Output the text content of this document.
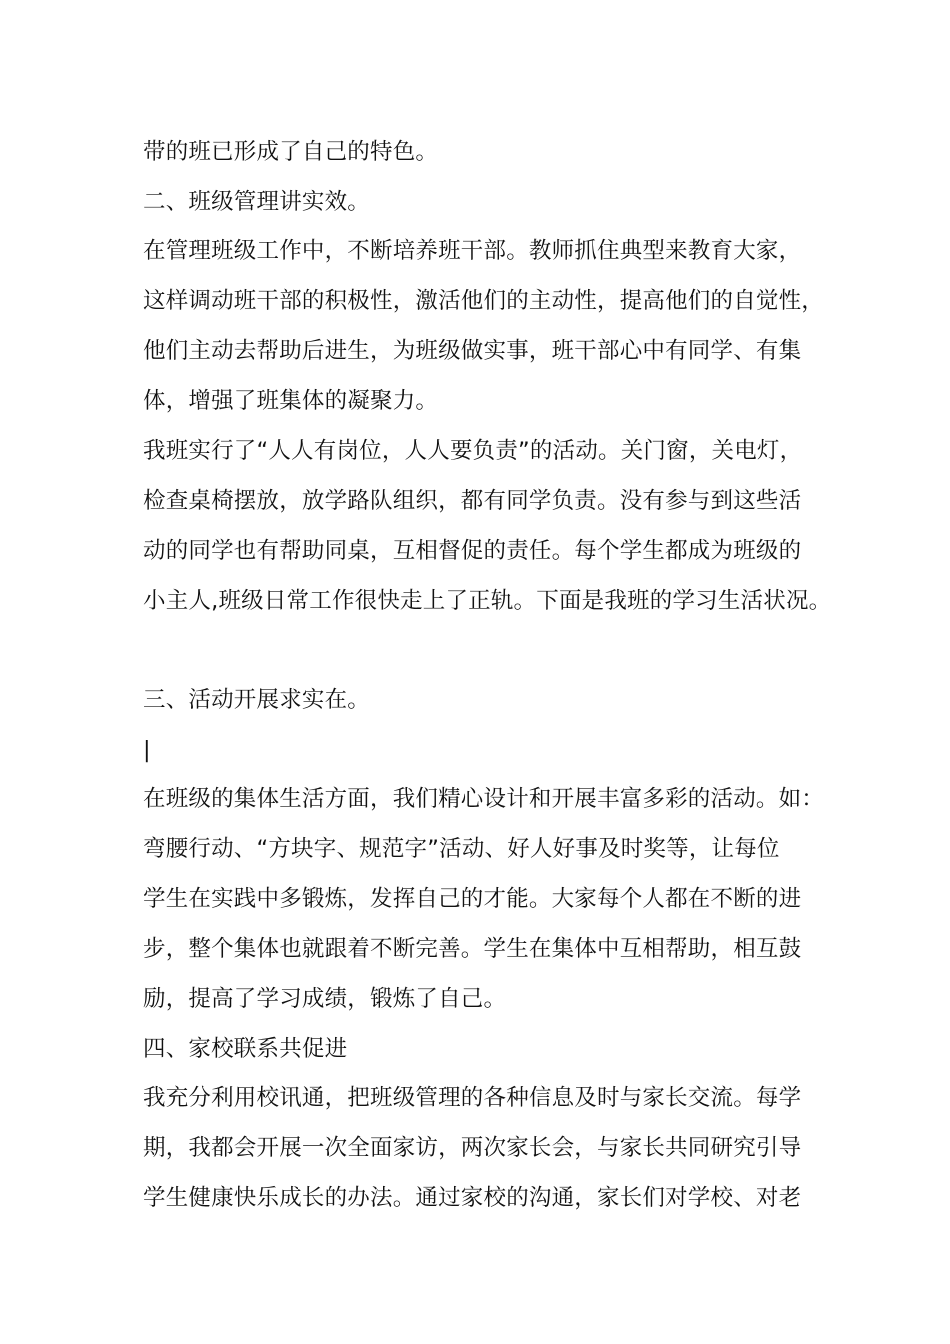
带的班已形成了自己的特色。
二、班级管理讲实效。
在管理班级工作中，不断培养班干部。教师抓住典型来教育大家，
这样调动班干部的积极性，激活他们的主动性，提高他们的自觉性，
他们主动去帮助后进生，为班级做实事，班干部心中有同学、有集
体，增强了班集体的凝聚力。
我班实行了“人人有岗位，人人要负责”的活动。关门窗，关电灯，
检查桌椅摆放，放学路队组织，都有同学负责。没有参与到这些活
动的同学也有帮助同桌，互相督促的责任。每个学生都成为班级的
小主人,班级日常工作很快走上了正轨。下面是我班的学习生活状况。
三、活动开展求实在。
|
在班级的集体生活方面，我们精心设计和开展丰富多彩的活动。如：
弯腰行动、“方块字、规范字”活动、好人好事及时奖等，让每位
学生在实践中多锻炼，发挥自己的才能。大家每个人都在不断的进
步，整个集体也就跟着不断完善。学生在集体中互相帮助，相互鼓
励，提高了学习成绩，锻炼了自己。
四、家校联系共促进
我充分利用校讯通，把班级管理的各种信息及时与家长交流。每学
期，我都会开展一次全面家访，两次家长会，与家长共同研究引导
学生健康快乐成长的办法。通过家校的沟通，家长们对学校、对老
